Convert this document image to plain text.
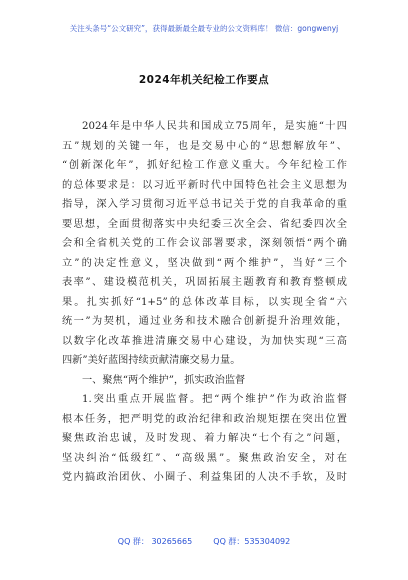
关注头条号“公文研究”，获得最新最全最专业的公文资料库！ 微信：gongwenyj
2024年机关纪检工作要点
2024年是中华人民共和国成立75周年，是实施“十四
五”规划的关键一年，也是交易中心的“思想解放年”、
“创新深化年”，抓好纪检工作意义重大。今年纪检工作
的总体要求是：以习近平新时代中国特色社会主义思想为
指导，深入学习贯彻习近平总书记关于党的自我革命的重
要思想，全面贯彻落实中央纪委三次全会、省纪委四次全
会和全省机关党的工作会议部署要求，深刻领悟“两个确
立”的决定性意义，坚决做到“两个维护”，当好“三个
表率”、建设模范机关，巩固拓展主题教育和教育整顿成
果。扎实抓好“1+5”的总体改革目标，以实现全省“六
统一”为契机，通过业务和技术融合创新提升治理效能，
以数字化改革推进清廉交易中心建设，为加快实现“三高
四新”美好蓝图持续贡献清廉交易力量。
一、聚焦“两个维护”，抓实政治监督
1.突出重点开展监督。把“两个维护”作为政治监督
根本任务，把严明党的政治纪律和政治规矩摆在突出位置
聚焦政治忠诚，及时发现、着力解决“七个有之”问题，
坚决纠治“低级红”、“高级黑”。聚焦政治安全，对在
党内搞政治团伙、小圈子、利益集团的人决不手软，及时
QQ 群： 30265665	QQ 群：535304092
